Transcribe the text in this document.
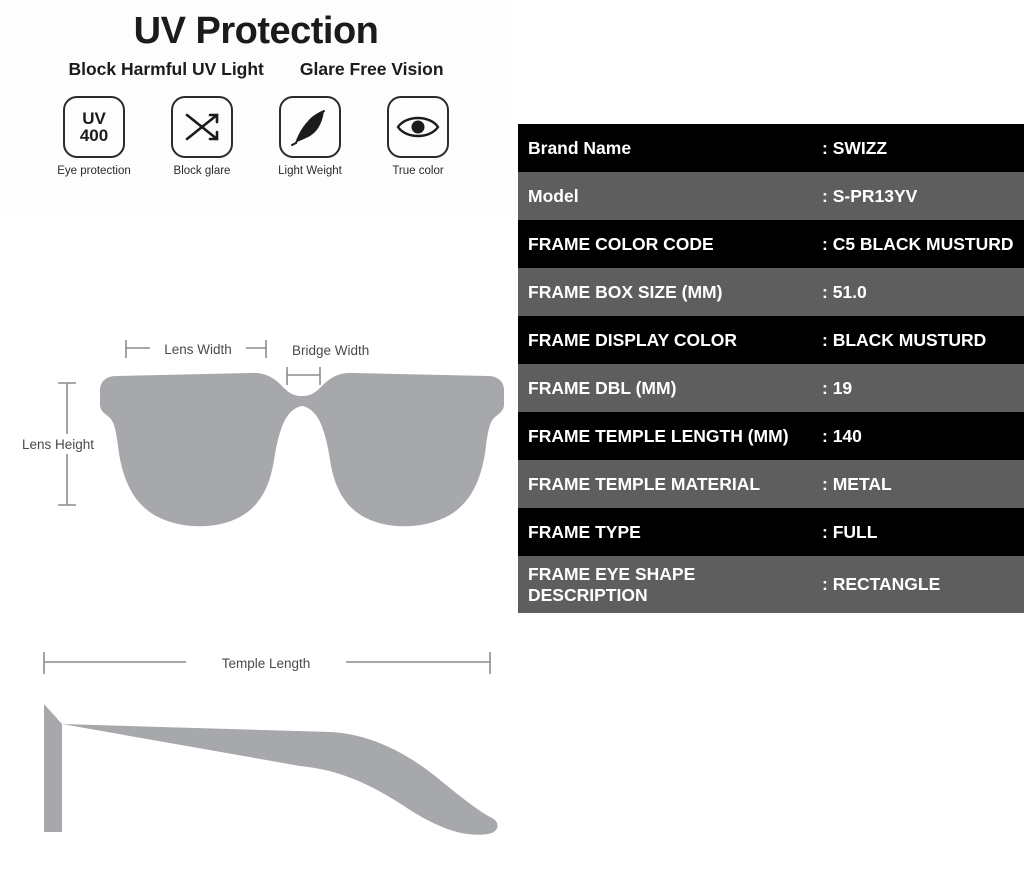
UV Protection
Block Harmful UV Light Glare Free Vision
UV
400
Eye protection	Block glare	Light Weight	True color
Lens Width	Bridge Width
Lens Height
Temple Length
Brand Name	: SWIZZ
Model	: S-PR13YV
FRAME COLOR CODE	: C5 BLACK MUSTURD
FRAME BOX SIZE (MM)	: 51.0
FRAME DISPLAY COLOR	: BLACK MUSTURD
FRAME DBL (MM)	: 19
FRAME TEMPLE LENGTH (MM)	: 140
FRAME TEMPLE MATERIAL	: METAL
FRAME TYPE	: FULL
FRAME EYE SHAPE DESCRIPTION	: RECTANGLE
